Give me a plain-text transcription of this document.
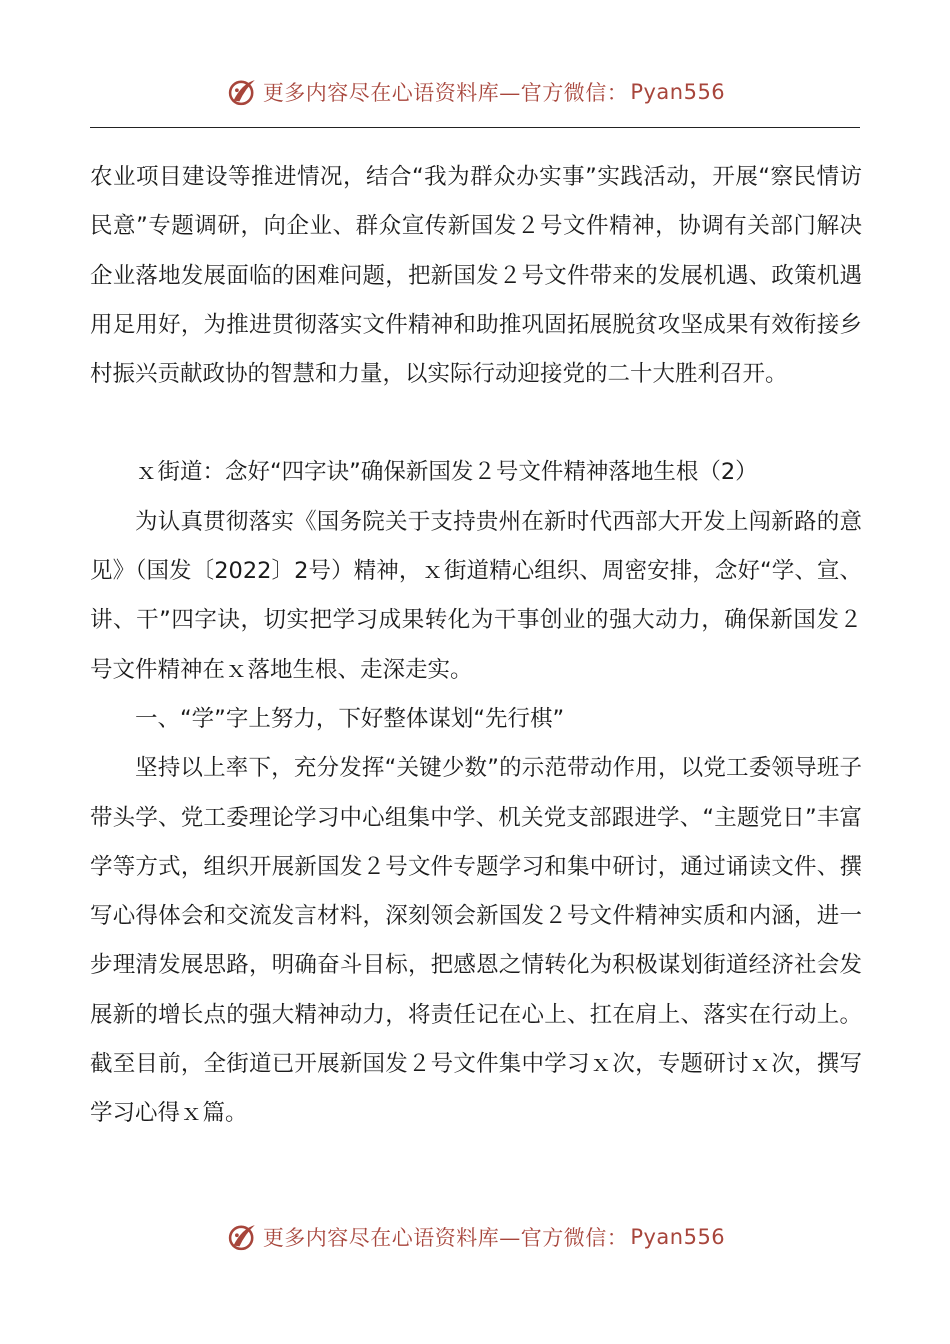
更多内容尽在心语资料库—官方微信： Pyan556

农业项目建设等推进情况，结合“我为群众办实事”实践活动，开展“察民情访民意”专题调研，向企业、群众宣传新国发２号文件精神，协调有关部门解决企业落地发展面临的困难问题，把新国发２号文件带来的发展机遇、政策机遇用足用好，为推进贯彻落实文件精神和助推巩固拓展脱贫攻坚成果有效衔接乡村振兴贡献政协的智慧和力量，以实际行动迎接党的二十大胜利召开。

ｘ街道：念好“四字诀”确保新国发２号文件精神落地生根（2）

为认真贯彻落实《国务院关于支持贵州在新时代西部大开发上闯新路的意见》（国发〔2022〕2号）精神，ｘ街道精心组织、周密安排，念好“学、宣、讲、干”四字诀，切实把学习成果转化为干事创业的强大动力，确保新国发２号文件精神在ｘ落地生根、走深走实。

一、“学”字上努力，下好整体谋划“先行棋”

坚持以上率下，充分发挥“关键少数”的示范带动作用，以党工委领导班子带头学、党工委理论学习中心组集中学、机关党支部跟进学、“主题党日”丰富学等方式，组织开展新国发２号文件专题学习和集中研讨，通过诵读文件、撰写心得体会和交流发言材料，深刻领会新国发２号文件精神实质和内涵，进一步理清发展思路，明确奋斗目标，把感恩之情转化为积极谋划街道经济社会发展新的增长点的强大精神动力，将责任记在心上、扛在肩上、落实在行动上。截至目前，全街道已开展新国发２号文件集中学习ｘ次，专题研讨ｘ次，撰写学习心得ｘ篇。

更多内容尽在心语资料库—官方微信： Pyan556
